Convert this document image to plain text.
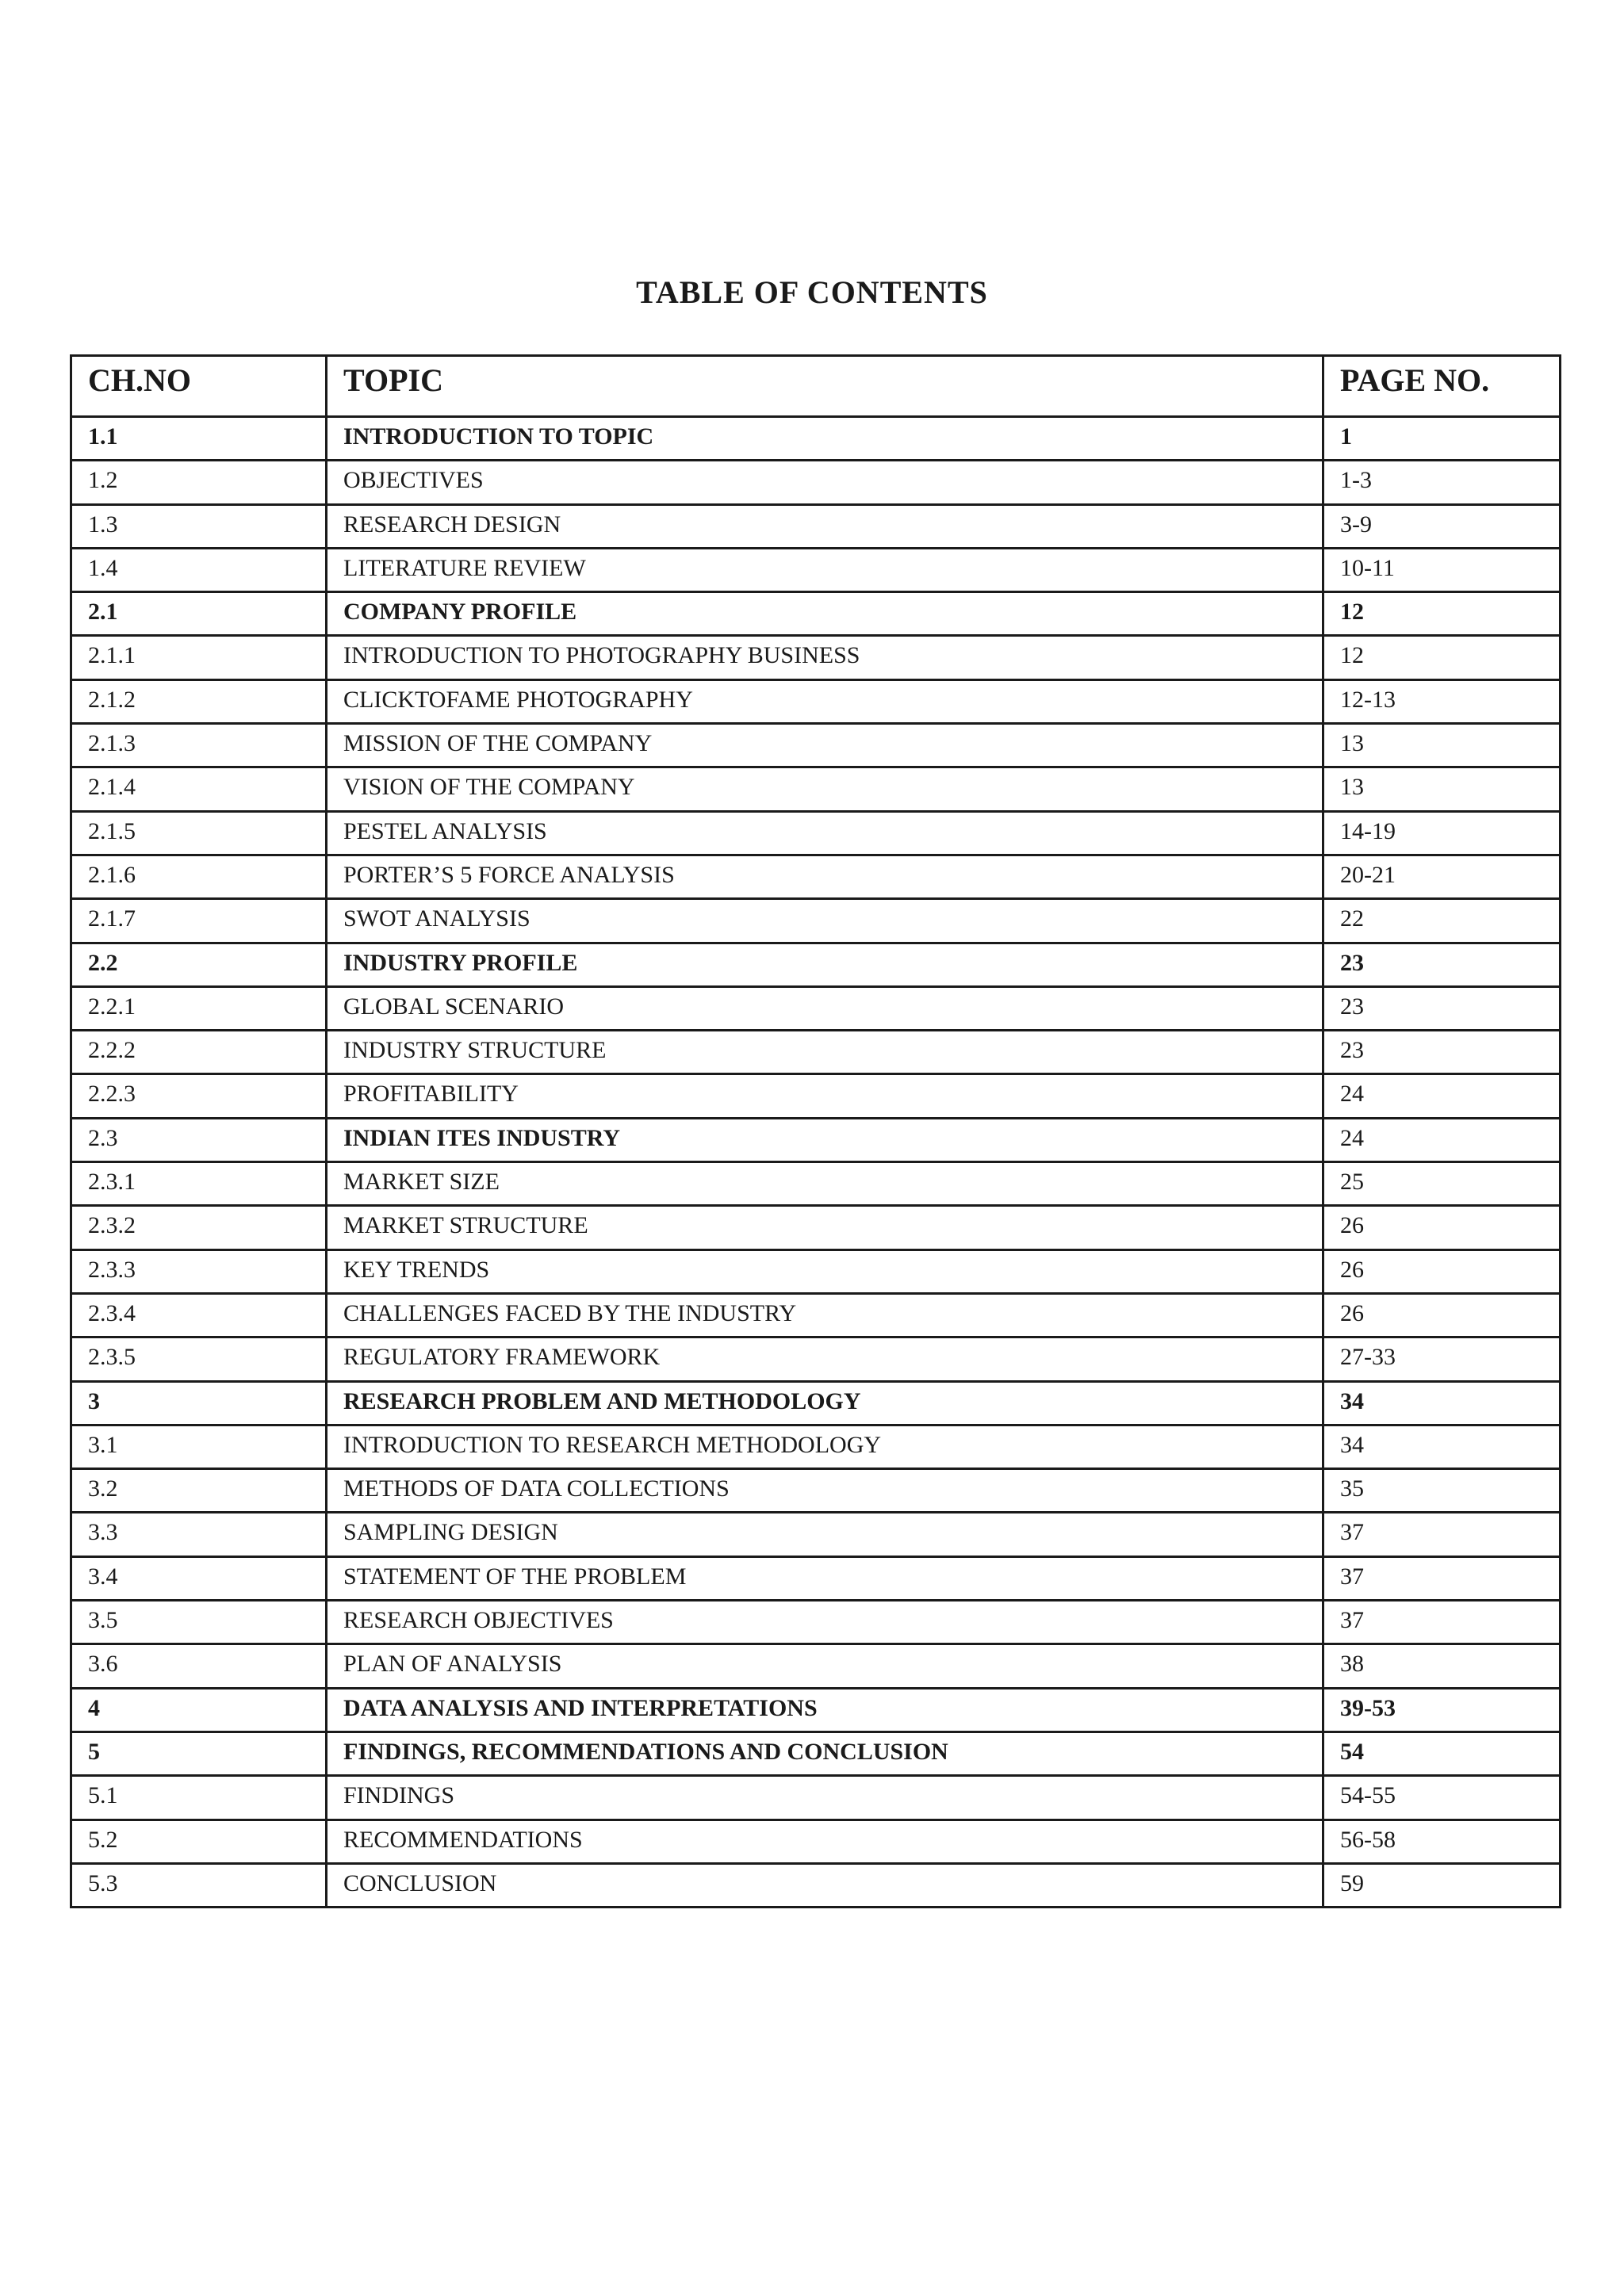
TABLE OF CONTENTS
CH.NO	TOPIC	PAGE NO.
1.1	INTRODUCTION TO TOPIC	1
1.2	OBJECTIVES	1-3
1.3	RESEARCH DESIGN	3-9
1.4	LITERATURE REVIEW	10-11
2.1	COMPANY PROFILE	12
2.1.1	INTRODUCTION TO PHOTOGRAPHY BUSINESS	12
2.1.2	CLICKTOFAME PHOTOGRAPHY	12-13
2.1.3	MISSION OF THE COMPANY	13
2.1.4	VISION OF THE COMPANY	13
2.1.5	PESTEL ANALYSIS	14-19
2.1.6	PORTER’S 5 FORCE ANALYSIS	20-21
2.1.7	SWOT ANALYSIS	22
2.2	INDUSTRY PROFILE	23
2.2.1	GLOBAL SCENARIO	23
2.2.2	INDUSTRY STRUCTURE	23
2.2.3	PROFITABILITY	24
2.3	INDIAN ITES INDUSTRY	24
2.3.1	MARKET SIZE	25
2.3.2	MARKET STRUCTURE	26
2.3.3	KEY TRENDS	26
2.3.4	CHALLENGES FACED BY THE INDUSTRY	26
2.3.5	REGULATORY FRAMEWORK	27-33
3	RESEARCH PROBLEM AND METHODOLOGY	34
3.1	INTRODUCTION TO RESEARCH METHODOLOGY	34
3.2	METHODS OF DATA COLLECTIONS	35
3.3	SAMPLING DESIGN	37
3.4	STATEMENT OF THE PROBLEM	37
3.5	RESEARCH OBJECTIVES	37
3.6	PLAN OF ANALYSIS	38
4	DATA ANALYSIS AND INTERPRETATIONS	39-53
5	FINDINGS, RECOMMENDATIONS AND CONCLUSION	54
5.1	FINDINGS	54-55
5.2	RECOMMENDATIONS	56-58
5.3	CONCLUSION	59
